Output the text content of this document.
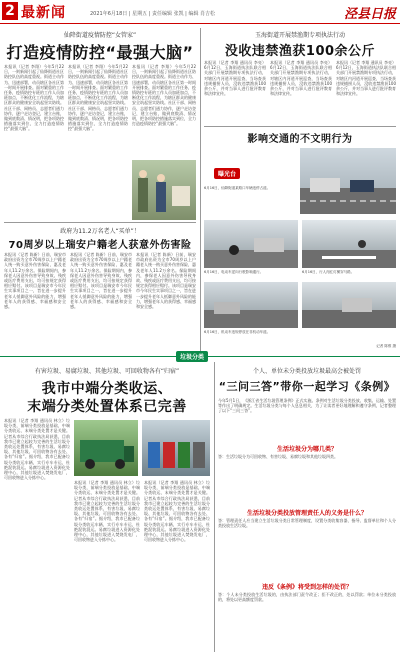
2 最新闻	2021年6月18日 | 星期五 | 责任编辑 张凯 | 编辑 肖吉松	泾县日报
仙降街道疫情防控“女管家”
打造疫情防控“最强大脑”
本报讯（记者 李翔）今年5月22日，一则新闻引起了仙降街道社区防控队伍的高度重视。街道主动作为、迅速部署，动员辖区各社区第一时间开展排查。面对繁重的工作任务，疫情防控专班的工作人员加班加点，不断优化工作流程，为辖区群众的健康安全筑起坚实防线。社区干部、网格员、志愿者们通力协作，逐户走访登记，建立台账，做到底数清、情况明，把各项防控措施落实到位，全力打造疫情防控“最强大脑”。
本报讯（记者 李翔）今年5月22日，一则新闻引起了仙降街道社区防控队伍的高度重视。街道主动作为、迅速部署，动员辖区各社区第一时间开展排查。面对繁重的工作任务，疫情防控专班的工作人员加班加点，不断优化工作流程，为辖区群众的健康安全筑起坚实防线。社区干部、网格员、志愿者们通力协作，逐户走访登记，建立台账，做到底数清、情况明，把各项防控措施落实到位，全力打造疫情防控“最强大脑”。
本报讯（记者 李翔）今年5月22日，一则新闻引起了仙降街道社区防控队伍的高度重视。街道主动作为、迅速部署，动员辖区各社区第一时间开展排查。面对繁重的工作任务，疫情防控专班的工作人员加班加点，不断优化工作流程，为辖区群众的健康安全筑起坚实防线。社区干部、网格员、志愿者们通力协作，逐户走访登记，建立台账，做到底数清、情况明，把各项防控措施落实到位，全力打造疫情防控“最强大脑”。
玉海街道开展禁渔期专项执法行动
没收违禁渔获100余公斤
本报讯（记者 李翔 通讯员 李亮）6月12日，玉海街道执法队联合相关部门开展禁渔期专项执法行动，对辖区内河道开展巡查，当场查获违规捕捞人员，没收违禁渔获100余公斤，并对当事人进行批评教育和法律宣传。
本报讯（记者 李翔 通讯员 李亮）6月12日，玉海街道执法队联合相关部门开展禁渔期专项执法行动，对辖区内河道开展巡查，当场查获违规捕捞人员，没收违禁渔获100余公斤，并对当事人进行批评教育和法律宣传。
本报讯（记者 李翔 通讯员 李亮）6月12日，玉海街道执法队联合相关部门开展禁渔期专项执法行动，对辖区内河道开展巡查，当场查获违规捕捞人员，没收违禁渔获100余公斤，并对当事人进行批评教育和法律宣传。
影响交通的不文明行为
曝光台
6月16日，仙降街道某路口车辆违停占道。
6月16日，电动车逆向行驶影响通行。	6月16日，行人闯红灯横穿马路。
6月16日，机动车违规停放在非机动车道。
记者 陈维 摄
政府为11.2万名老人“买单”！
70周岁以上瑞安户籍老人获意外伤害险
本报讯（记者 陈新）日前，瑞安市政府出资为全市70周岁以上户籍老人统一购买意外伤害保险，惠及老年人11.2万余名。保险期间内，参保老人因意外伤害导致身故、残疾或医疗费用支出，均可按规定获得相应赔付。该项目是瑞安市今年民生实事项目之一，旨在进一步提升老年人抵御意外风险的能力，增强老年人的获得感、幸福感和安全感。
本报讯（记者 陈新）日前，瑞安市政府出资为全市70周岁以上户籍老人统一购买意外伤害保险，惠及老年人11.2万余名。保险期间内，参保老人因意外伤害导致身故、残疾或医疗费用支出，均可按规定获得相应赔付。该项目是瑞安市今年民生实事项目之一，旨在进一步提升老年人抵御意外风险的能力，增强老年人的获得感、幸福感和安全感。
本报讯（记者 陈新）日前，瑞安市政府出资为全市70周岁以上户籍老人统一购买意外伤害保险，惠及老年人11.2万余名。保险期间内，参保老人因意外伤害导致身故、残疾或医疗费用支出，均可按规定获得相应赔付。该项目是瑞安市今年民生实事项目之一，旨在进一步提升老年人抵御意外风险的能力，增强老年人的获得感、幸福感和安全感。
垃圾分类
有害垃圾、易腐垃圾、其他垃圾、可回收物各有“归宿”
我市中端分类收运、
末端分类处置体系已完善
本报讯（记者 李翔 通讯员 林立）垃圾分类，前端分类投放是基础，中端分类收运、末端分类处置才是关键。记者从市综合行政执法局获悉，目前我市已建立起较为完善的生活垃圾分类收运处置体系，有害垃圾、易腐垃圾、其他垃圾、可回收物各有去处、各有“归宿”。据介绍，我市已配备垃圾分类收运车辆，实行专车专运，杜绝混装混运。易腐垃圾进入资源化处理中心，其他垃圾进入焚烧发电厂，可回收物进入分拣中心。
本报讯（记者 李翔 通讯员 林立）垃圾分类，前端分类投放是基础，中端分类收运、末端分类处置才是关键。记者从市综合行政执法局获悉，目前我市已建立起较为完善的生活垃圾分类收运处置体系，有害垃圾、易腐垃圾、其他垃圾、可回收物各有去处、各有“归宿”。据介绍，我市已配备垃圾分类收运车辆，实行专车专运，杜绝混装混运。易腐垃圾进入资源化处理中心，其他垃圾进入焚烧发电厂，可回收物进入分拣中心。
本报讯（记者 李翔 通讯员 林立）垃圾分类，前端分类投放是基础，中端分类收运、末端分类处置才是关键。记者从市综合行政执法局获悉，目前我市已建立起较为完善的生活垃圾分类收运处置体系，有害垃圾、易腐垃圾、其他垃圾、可回收物各有去处、各有“归宿”。据介绍，我市已配备垃圾分类收运车辆，实行专车专运，杜绝混装混运。易腐垃圾进入资源化处理中心，其他垃圾进入焚烧发电厂，可回收物进入分拣中心。
个人、单位未分类投放垃圾最高会被处罚
“三问三答”带你一起学习《条例》
今年5月1日，《浙江省生活垃圾管理条例》正式实施。条例对生活垃圾分类投放、收集、运输、处置等作出了明确规定。生活垃圾分类与每个人息息相关，为了让读者更好地理解和遵守条例，记者整理了以下“三问三答”。
生活垃圾分为哪几类？
答：生活垃圾分为可回收物、有害垃圾、易腐垃圾和其他垃圾四类。
生活垃圾分类投放管理责任人的义务是什么？
答：管理责任人应当建立生活垃圾分类日常管理制度，设置分类收集容器，指导、监督单位和个人分类投放生活垃圾。
违反《条例》将受到怎样的处罚？
答：个人未分类投放生活垃圾的，由执法部门责令改正；拒不改正的，处以罚款；单位未分类投放的，将处以更高额度罚款。
